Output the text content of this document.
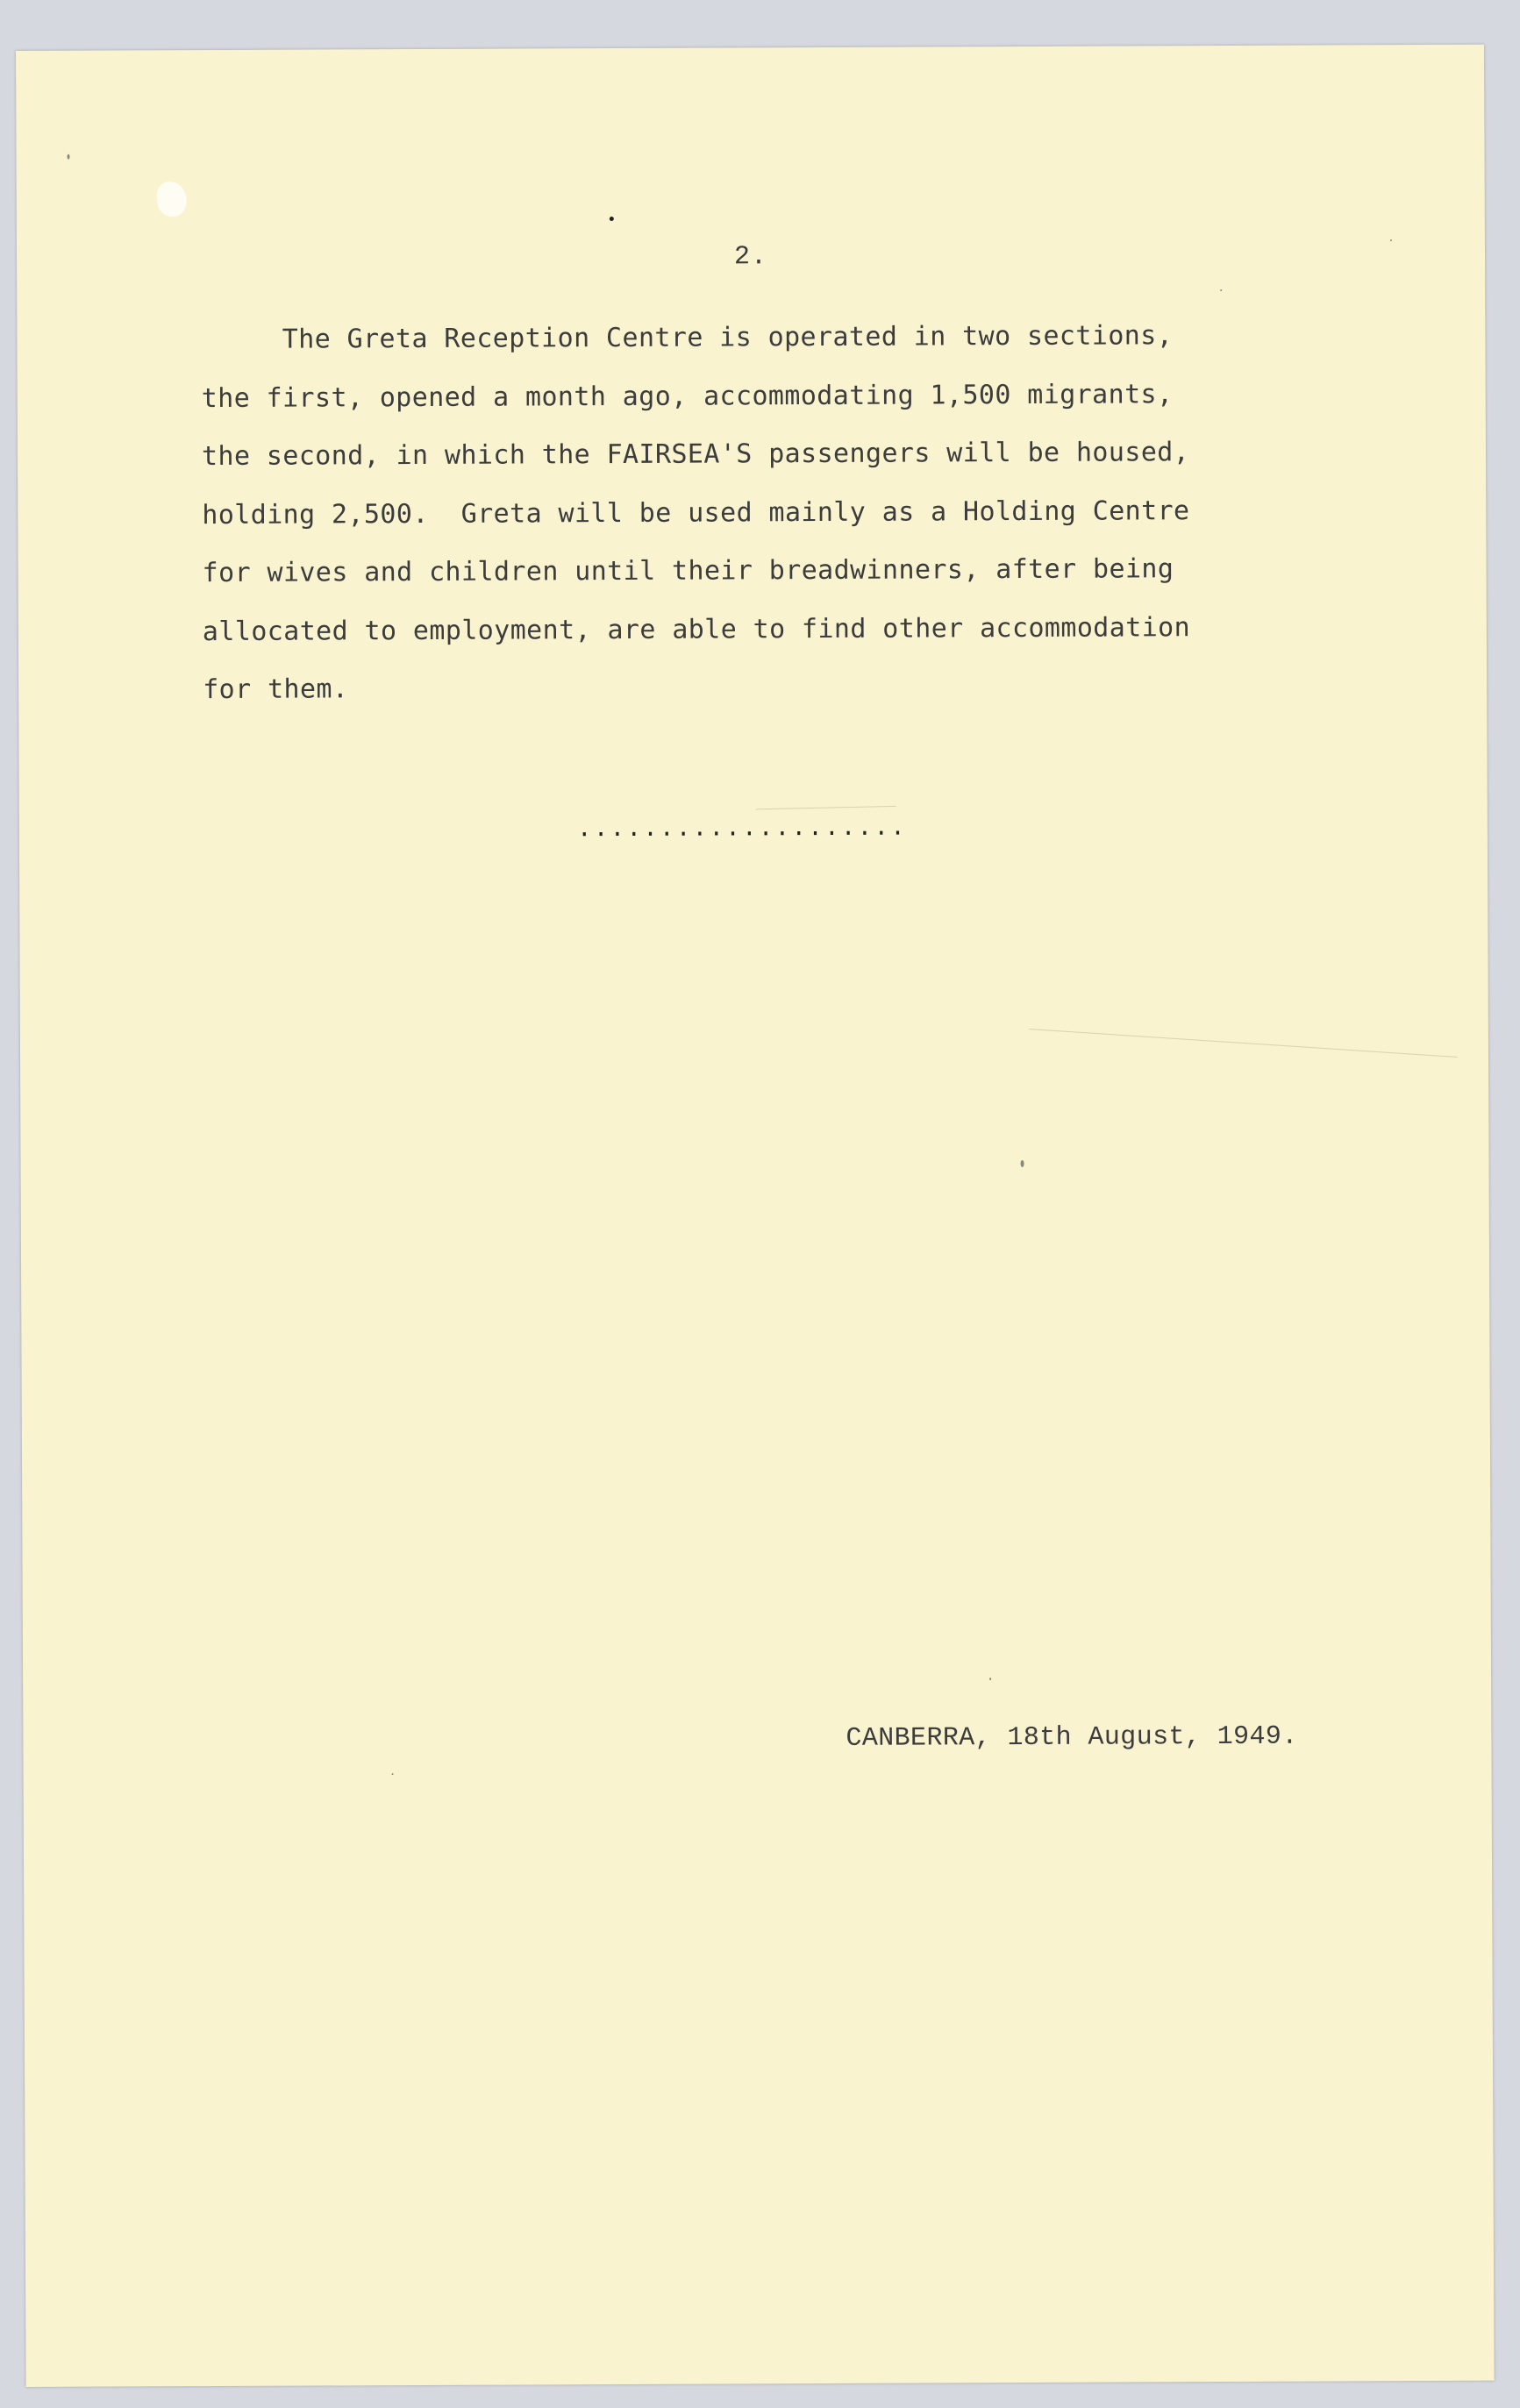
2.
The Greta Reception Centre is operated in two sections,
the first, opened a month ago, accommodating 1,500 migrants,
the second, in which the FAIRSEA'S passengers will be housed,
holding 2,500.  Greta will be used mainly as a Holding Centre
for wives and children until their breadwinners, after being
allocated to employment, are able to find other accommodation
for them.
....................
CANBERRA, 18th August, 1949.
